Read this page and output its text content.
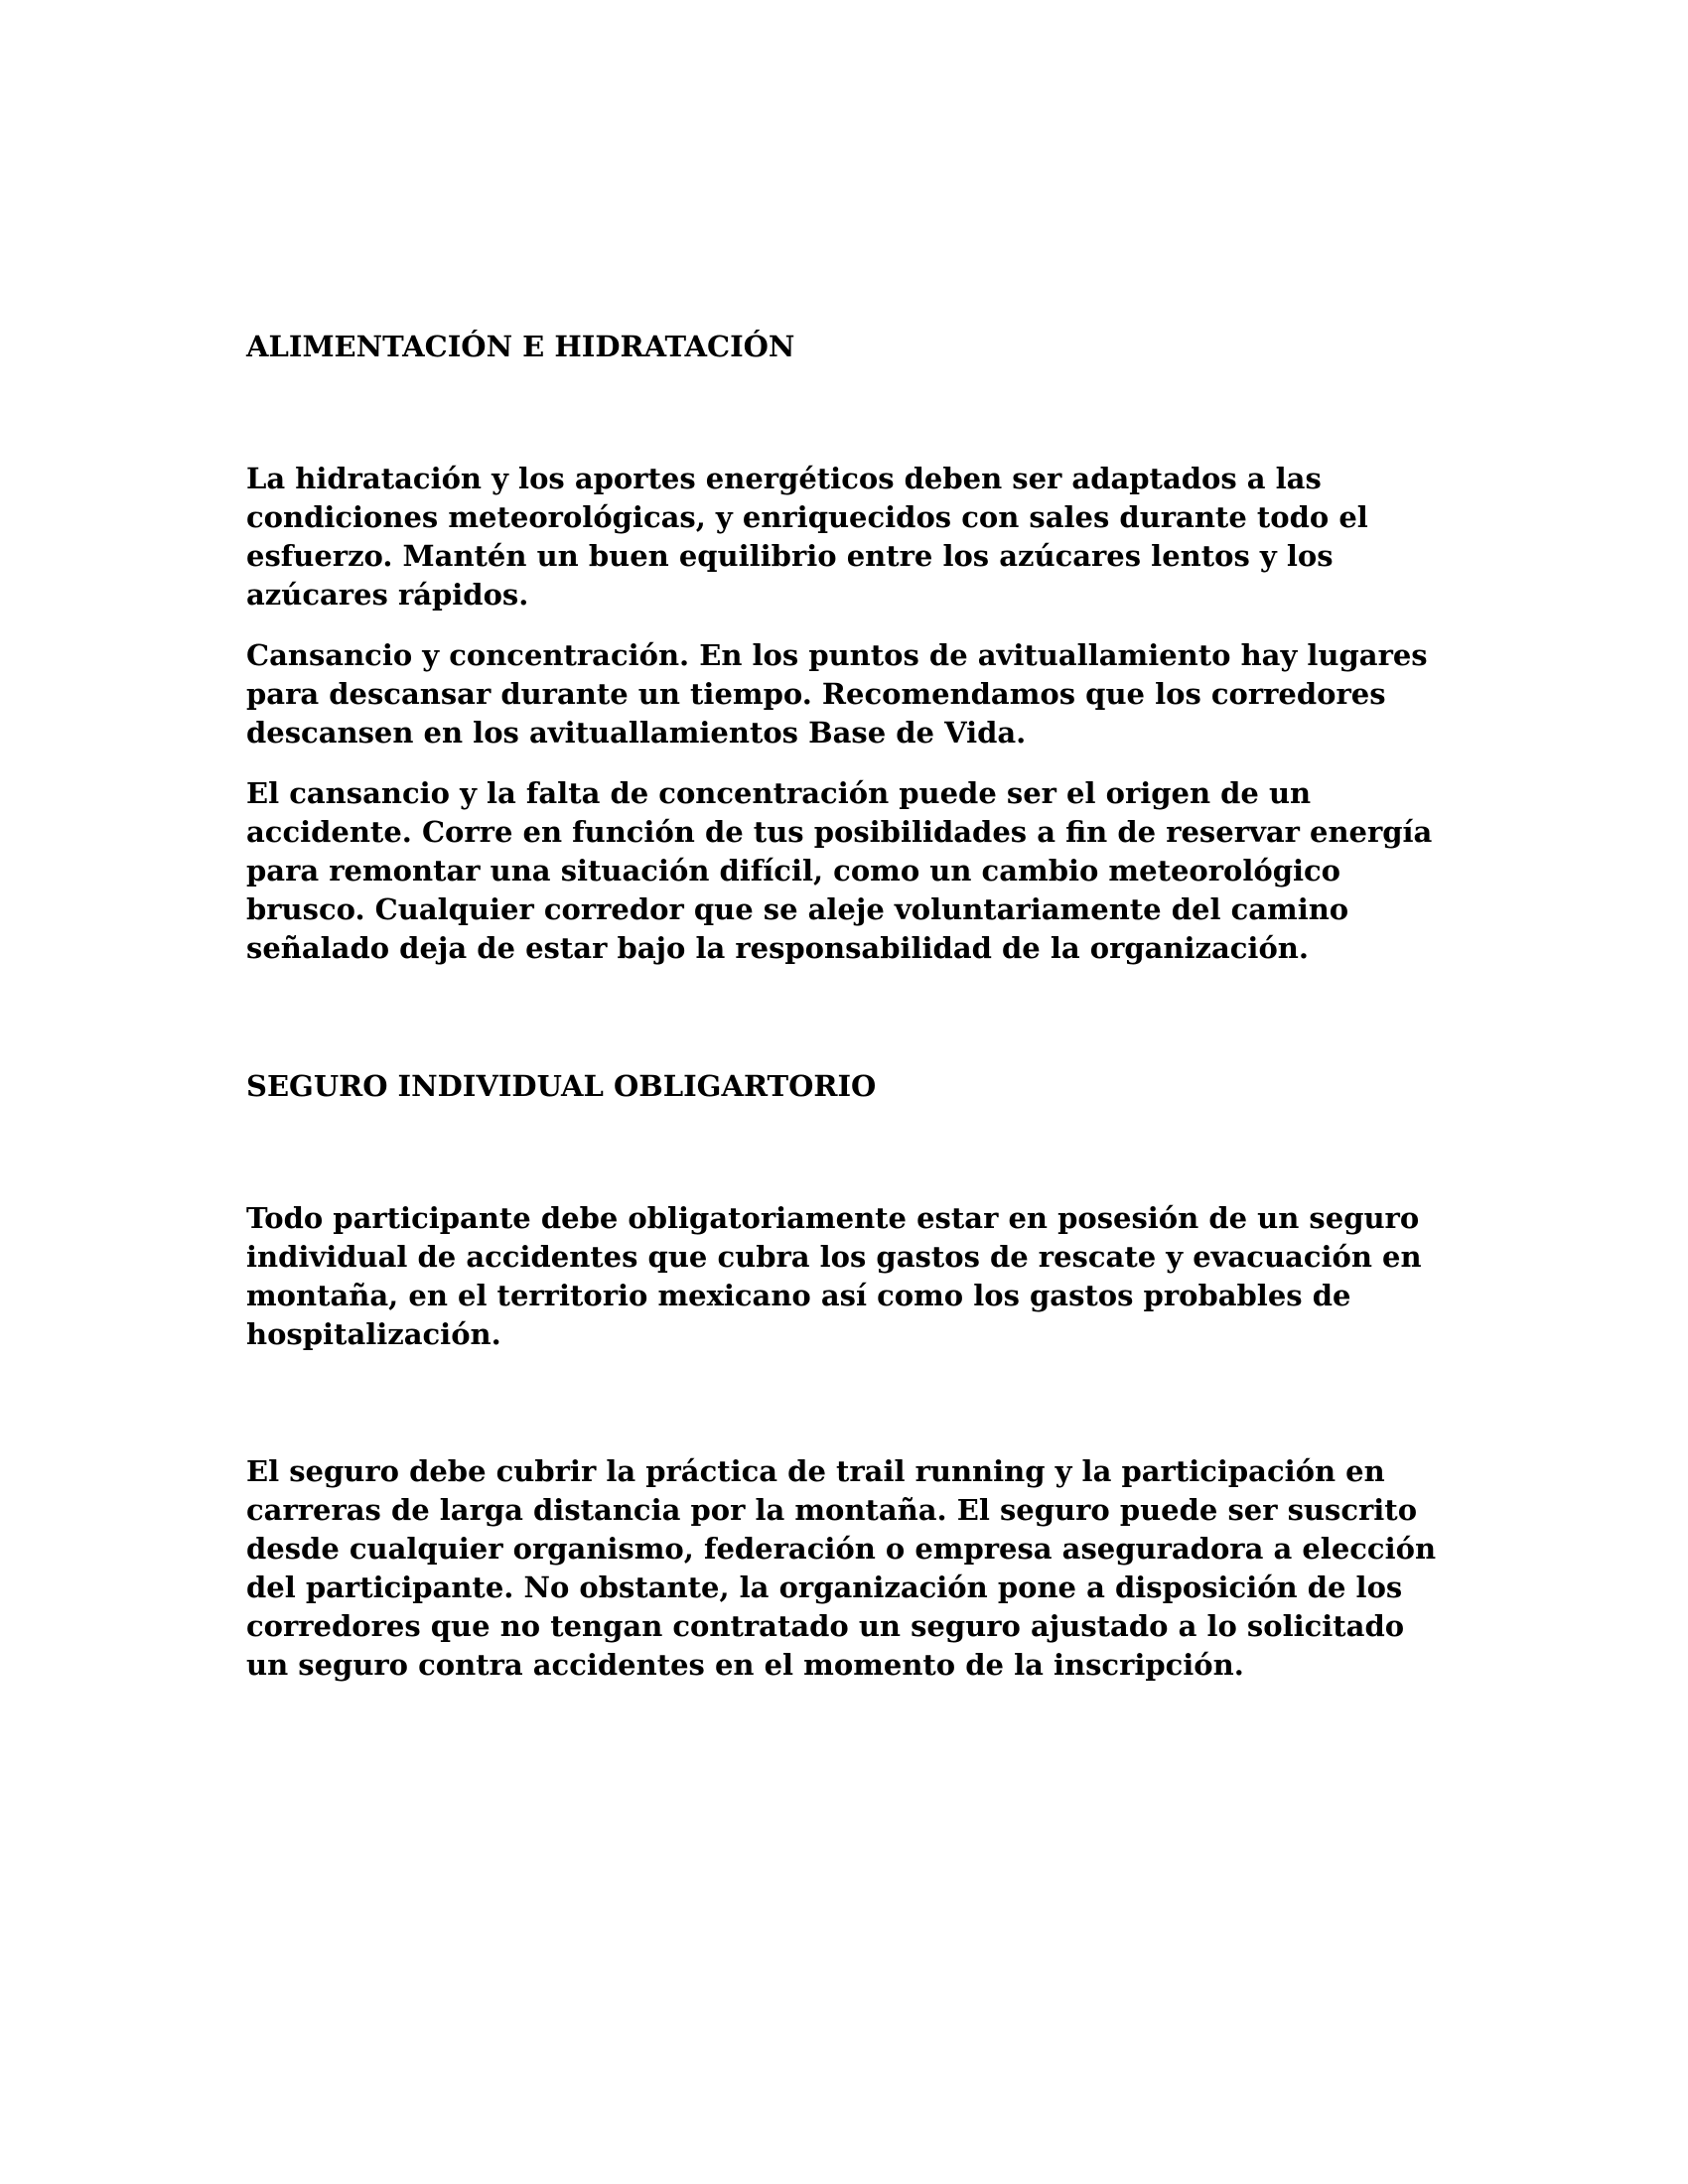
ALIMENTACIÓN E HIDRATACIÓN

La hidratación y los aportes energéticos deben ser adaptados a las condiciones meteorológicas, y enriquecidos con sales durante todo el esfuerzo. Mantén un buen equilibrio entre los azúcares lentos y los azúcares rápidos.

Cansancio y concentración. En los puntos de avituallamiento hay lugares para descansar durante un tiempo. Recomendamos que los corredores descansen en los avituallamientos Base de Vida.

El cansancio y la falta de concentración puede ser el origen de un accidente. Corre en función de tus posibilidades a fin de reservar energía para remontar una situación difícil, como un cambio meteorológico brusco. Cualquier corredor que se aleje voluntariamente del camino señalado deja de estar bajo la responsabilidad de la organización.

SEGURO INDIVIDUAL OBLIGARTORIO

Todo participante debe obligatoriamente estar en posesión de un seguro individual de accidentes que cubra los gastos de rescate y evacuación en montaña, en el territorio mexicano así como los gastos probables de hospitalización.

El seguro debe cubrir la práctica de trail running y la participación en carreras de larga distancia por la montaña. El seguro puede ser suscrito desde cualquier organismo, federación o empresa aseguradora a elección del participante. No obstante, la organización pone a disposición de los corredores que no tengan contratado un seguro ajustado a lo solicitado un seguro contra accidentes en el momento de la inscripción.
